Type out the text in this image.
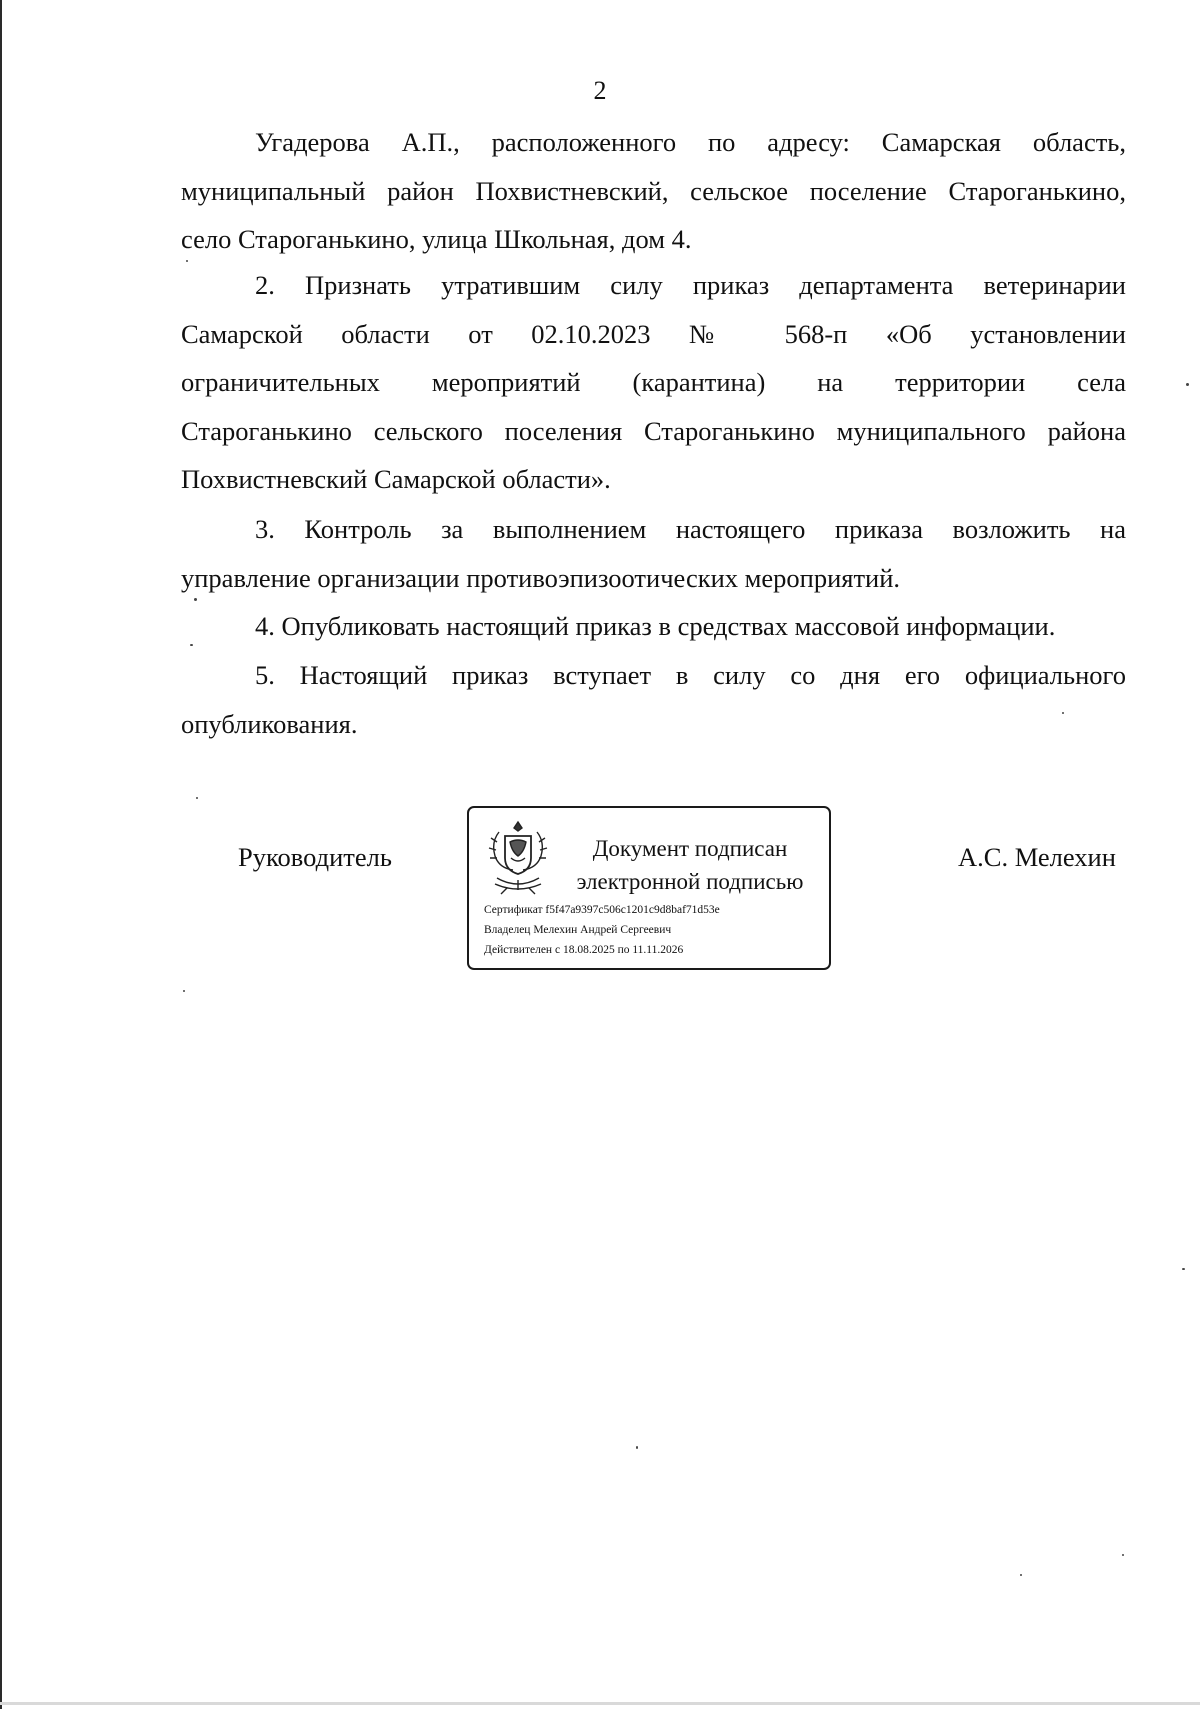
2

Угадерова А.П., расположенного по адресу: Самарская область,
муниципальный район Похвистневский, сельское поселение Староганькино,
село Староганькино, улица Школьная, дом 4.

2. Признать утратившим силу приказ департамента ветеринарии
Самарской области от 02.10.2023 № 568-п «Об установлении
ограничительных мероприятий (карантина) на территории села
Староганькино сельского поселения Староганькино муниципального района
Похвистневский Самарской области».

3. Контроль за выполнением настоящего приказа возложить на
управление организации противоэпизоотических мероприятий.

4. Опубликовать настоящий приказ в средствах массовой информации.

5. Настоящий приказ вступает в силу со дня его официального
опубликования.

Руководитель	А.С. Мелехин
Документ подписан
электронной подписью
Сертификат f5f47a9397c506c1201c9d8baf71d53e
Владелец Мелехин Андрей Сергеевич
Действителен с 18.08.2025 по 11.11.2026
